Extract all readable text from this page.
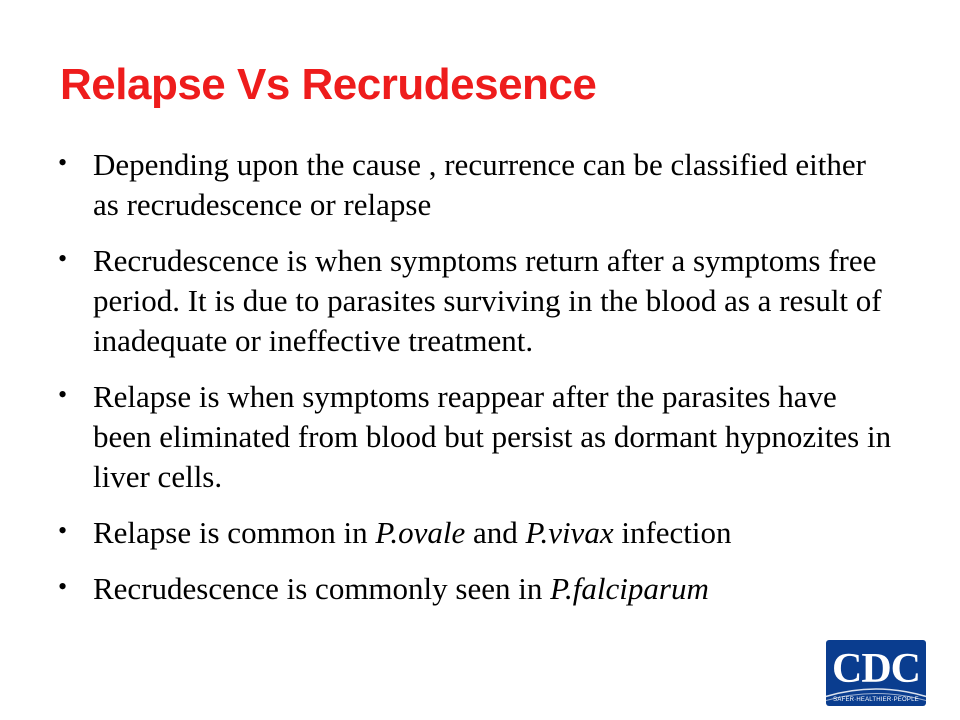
Relapse Vs Recrudesence
• Depending upon the cause , recurrence can be classified either as recrudescence or relapse
• Recrudescence is when symptoms return after a symptoms free period. It is due to parasites surviving in the blood as a result of inadequate or ineffective treatment.
• Relapse is when symptoms reappear after the parasites have been eliminated from blood but persist as dormant hypnozites in liver cells.
• Relapse is common in P.ovale and P.vivax infection
• Recrudescence is commonly seen in P.falciparum
CDC
SAFER·HEALTHIER·PEOPLE
